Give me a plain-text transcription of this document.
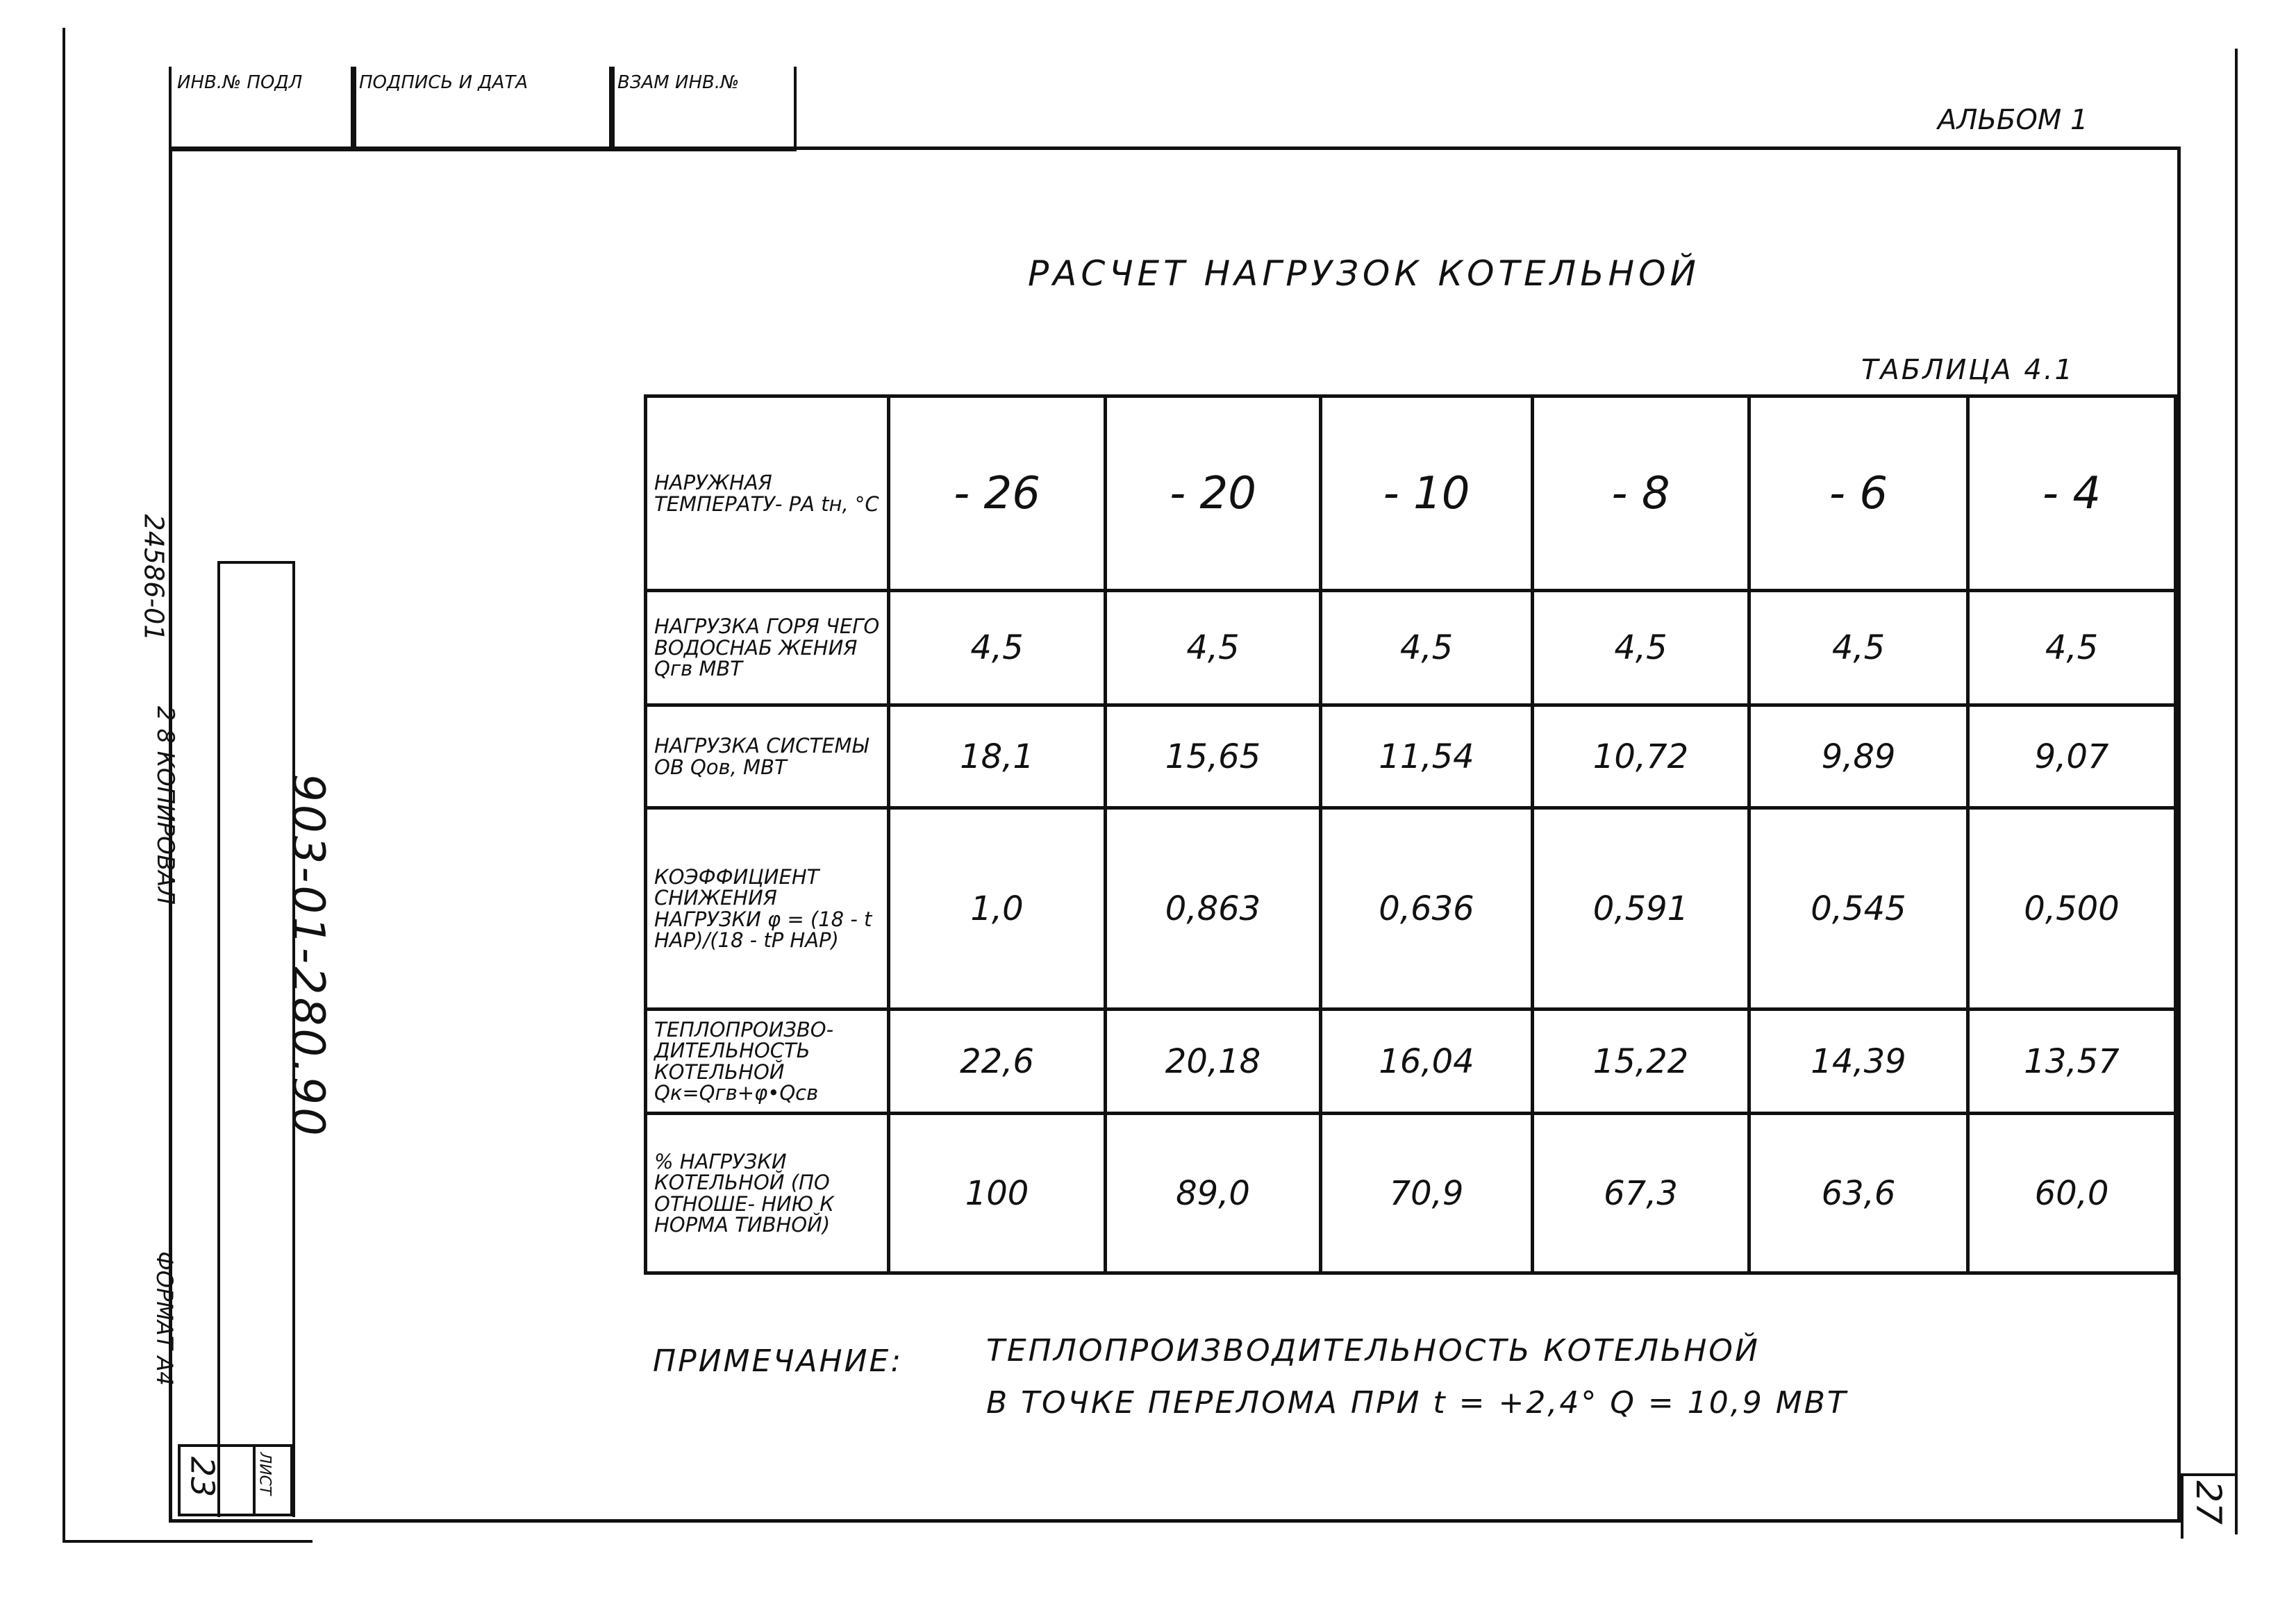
ИНВ.№ ПОДЛ	ПОДПИСЬ И ДАТА	ВЗАМ ИНВ.№
АЛЬБОМ 1
РАСЧЕТ НАГРУЗОК КОТЕЛЬНОЙ
ТАБЛИЦА 4.1
НАРУЖНАЯ ТЕМПЕРАТУ- РА tн, °С	- 26	- 20	- 10	- 8	- 6	- 4
НАГРУЗКА ГОРЯ ЧЕГО ВОДОСНАБ ЖЕНИЯ Qгв МВТ	4,5	4,5	4,5	4,5	4,5	4,5
НАГРУЗКА СИСТЕМЫ ОВ Qов, МВТ	18,1	15,65	11,54	10,72	9,89	9,07
КОЭФФИЦИЕНТ СНИЖЕНИЯ НАГРУЗКИ φ = (18 - t НАР)/(18 - tP НАР)	1,0	0,863	0,636	0,591	0,545	0,500
ТЕПЛОПРОИЗВО- ДИТЕЛЬНОСТЬ КОТЕЛЬНОЙ Qк=Qгв+φ•Qсв	22,6	20,18	16,04	15,22	14,39	13,57
% НАГРУЗКИ КОТЕЛЬНОЙ (ПО ОТНОШЕ- НИЮ К НОРМА ТИВНОЙ)	100	89,0	70,9	67,3	63,6	60,0
ПРИМЕЧАНИЕ:	ТЕПЛОПРОИЗВОДИТЕЛЬНОСТЬ КОТЕЛЬНОЙ
В ТОЧКЕ ПЕРЕЛОМА ПРИ t = +2,4° Q = 10,9 МВТ
24586-01
2 8 КОПИРОВАЛ
ФОРМАТ А4
903-01-280.90
23 ЛИСТ
27
